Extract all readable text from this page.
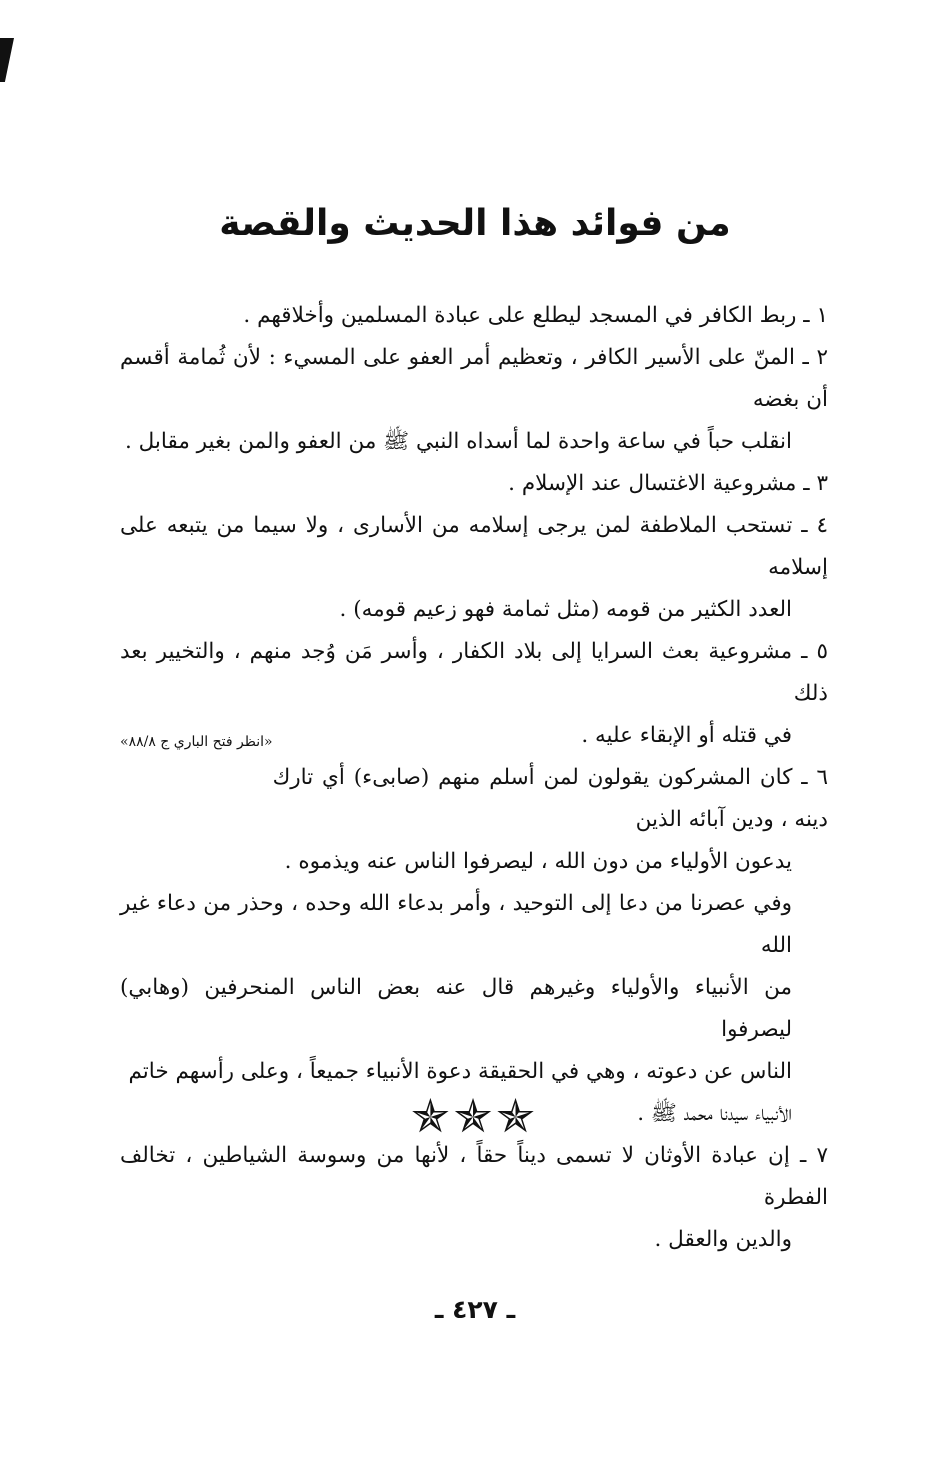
من فوائد هذا الحديث والقصة
١ ـ ربط الكافر في المسجد ليطلع على عبادة المسلمين وأخلاقهم .
٢ ـ المنّ على الأسير الكافر ، وتعظيم أمر العفو على المسيء : لأن ثُمامة أقسم أن بغضه
انقلب حباً في ساعة واحدة لما أسداه النبي ﷺ من العفو والمن بغير مقابل .
٣ ـ مشروعية الاغتسال عند الإسلام .
٤ ـ تستحب الملاطفة لمن يرجى إسلامه من الأسارى ، ولا سيما من يتبعه على إسلامه
العدد الكثير من قومه (مثل ثمامة فهو زعيم قومه) .
٥ ـ مشروعية بعث السرايا إلى بلاد الكفار ، وأسر مَن وُجد منهم ، والتخيير بعد ذلك
«انظر فتح الباري ج ٨٨/٨»	في قتله أو الإبقاء عليه .
٦ ـ كان المشركون يقولون لمن أسلم منهم (صابىء) أي تارك دينه ، ودين آبائه الذين
يدعون الأولياء من دون الله ، ليصرفوا الناس عنه ويذموه .
وفي عصرنا من دعا إلى التوحيد ، وأمر بدعاء الله وحده ، وحذر من دعاء غير الله
من الأنبياء والأولياء وغيرهم قال عنه بعض الناس المنحرفين (وهابي) ليصرفوا
الناس عن دعوته ، وهي في الحقيقة دعوة الأنبياء جميعاً ، وعلى رأسهم خاتم
الأنبياء سيدنا محمد ﷺ .
٧ ـ إن عبادة الأوثان لا تسمى ديناً حقاً ، لأنها من وسوسة الشياطين ، تخالف الفطرة
والدين والعقل .
✯✯✯
ـ ٤٢٧ ـ
